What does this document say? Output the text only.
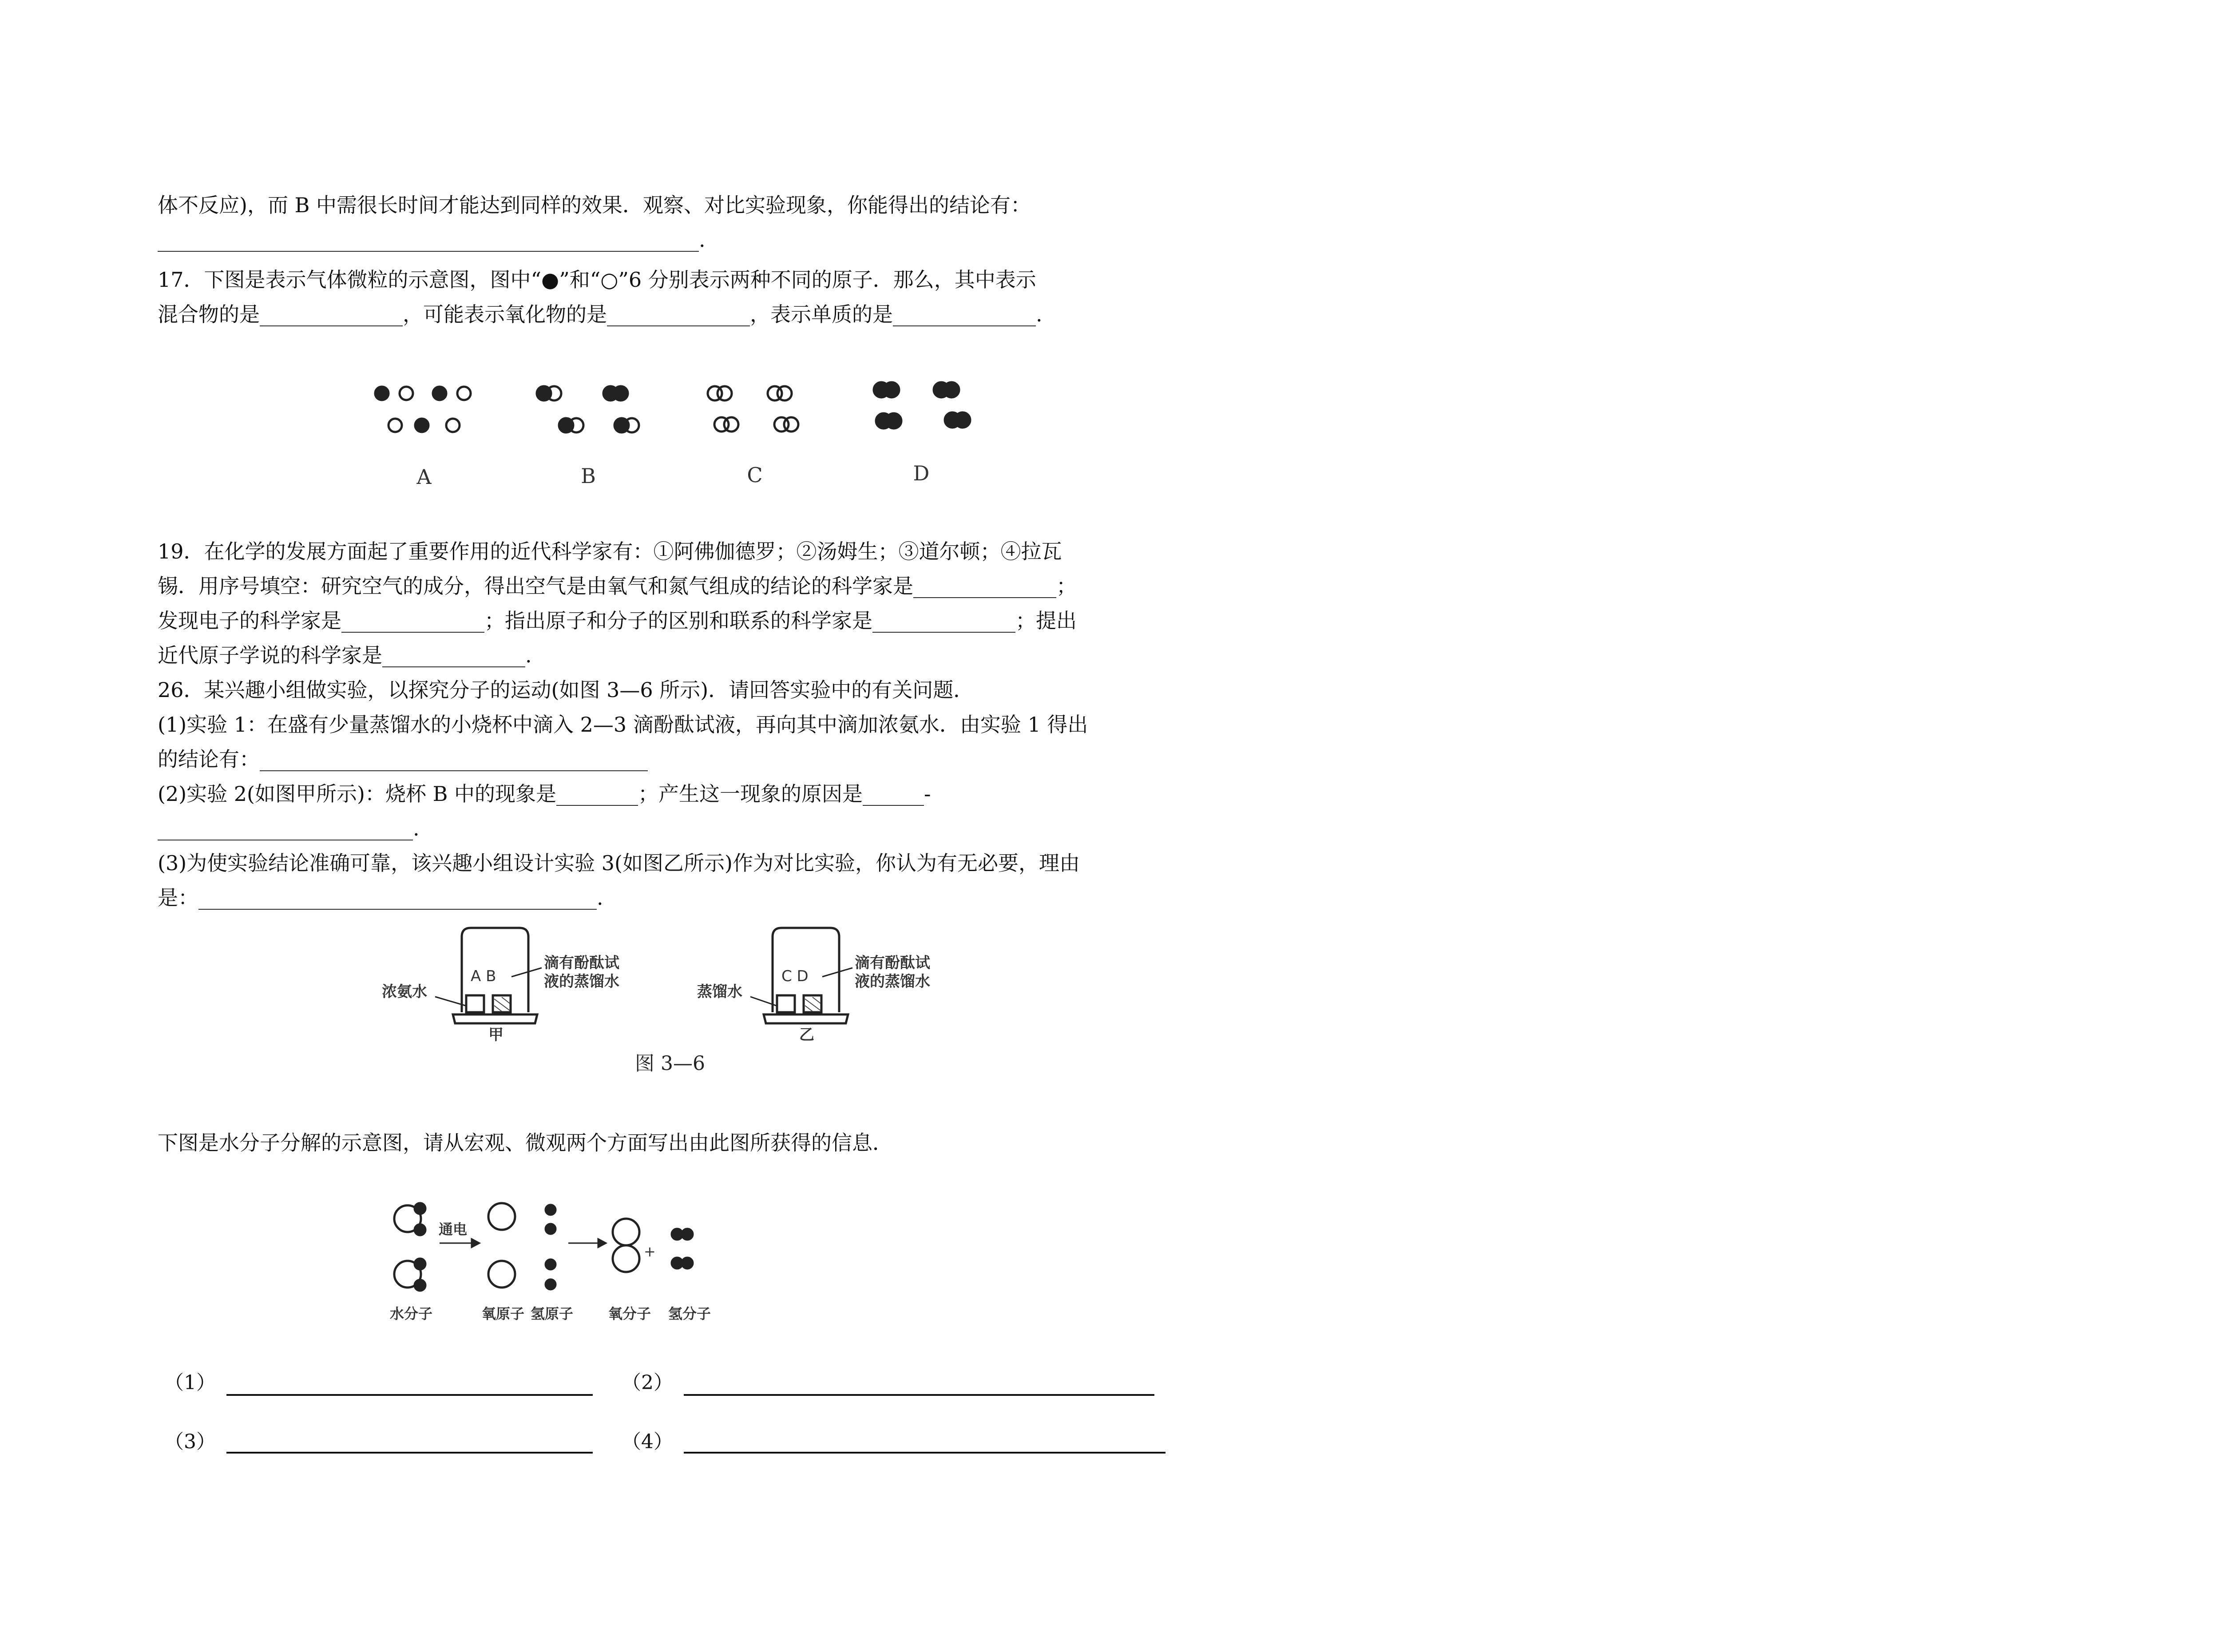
体不反应)，而 B 中需很长时间才能达到同样的效果．观察、对比实验现象，你能得出的结论有：
_____________________________________________________.
17．下图是表示气体微粒的示意图，图中“●”和“○”6 分别表示两种不同的原子．那么，其中表示
混合物的是______________，可能表示氧化物的是______________，表示单质的是______________.
A	B	C	D
19．在化学的发展方面起了重要作用的近代科学家有：①阿佛伽德罗；②汤姆生；③道尔顿；④拉瓦
锡．用序号填空：研究空气的成分，得出空气是由氧气和氮气组成的结论的科学家是______________；
发现电子的科学家是______________；指出原子和分子的区别和联系的科学家是______________；提出
近代原子学说的科学家是______________.
26．某兴趣小组做实验，以探究分子的运动(如图 3—6 所示)．请回答实验中的有关问题．
(1)实验 1：在盛有少量蒸馏水的小烧杯中滴入 2—3 滴酚酞试液，再向其中滴加浓氨水．由实验 1 得出
的结论有：______________________________________
(2)实验 2(如图甲所示)：烧杯 B 中的现象是________；产生这一现象的原因是______-
_________________________.
(3)为使实验结论准确可靠，该兴趣小组设计实验 3(如图乙所示)作为对比实验，你认为有无必要，理由
是：_______________________________________.
浓氨水
A B
滴有酚酞试
液的蒸馏水
甲
蒸馏水
C D
滴有酚酞试
液的蒸馏水
乙
图 3—6
下图是水分子分解的示意图，请从宏观、微观两个方面写出由此图所获得的信息．
通电
+
水分子	氧原子 氢原子 氧分子 氢分子
（1）	（2）
（3）	（4）
